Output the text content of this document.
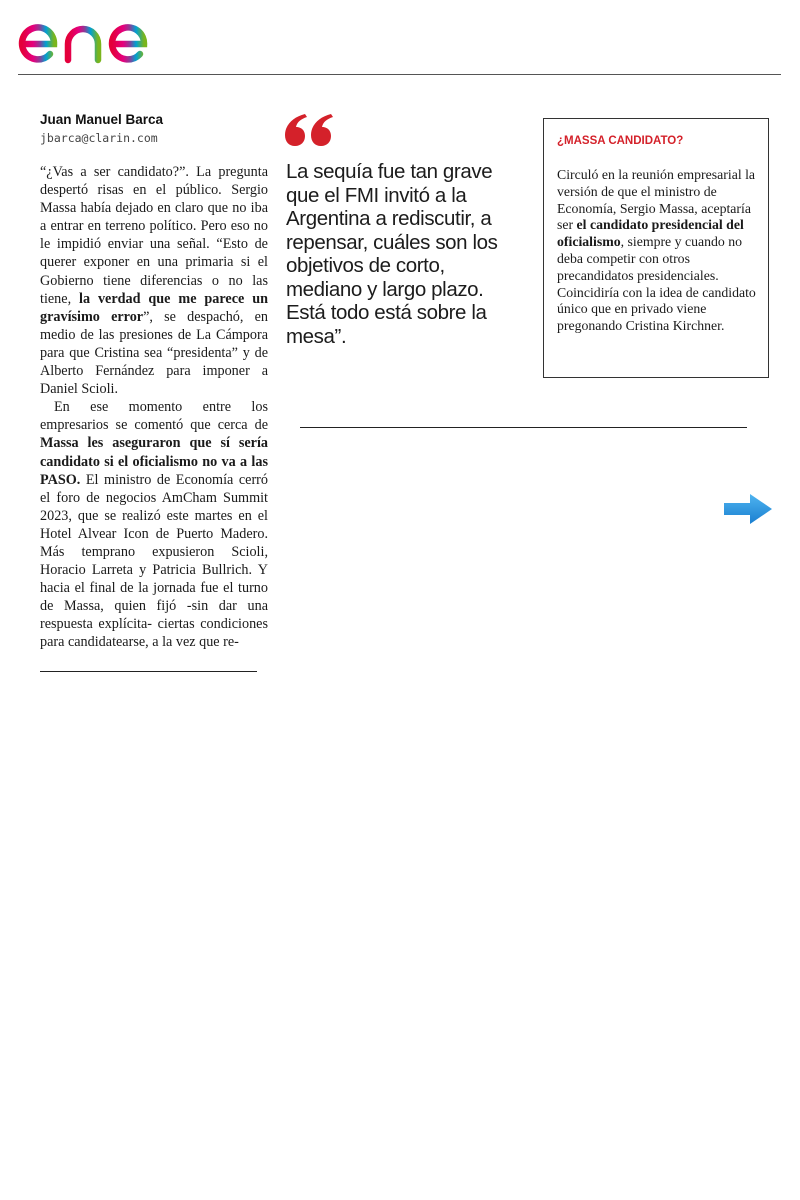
Juan Manuel Barca
jbarca@clarin.com

“¿Vas a ser candidato?”. La pregunta despertó risas en el público. Sergio Massa había dejado en claro que no iba a entrar en terreno político. Pero eso no le impidió enviar una señal. “Esto de querer exponer en una primaria si el Gobierno tiene diferencias o no las tiene, la verdad que me parece un gravísimo error”, se despachó, en medio de las presiones de La Cámpora para que Cristina sea “presidenta” y de Alberto Fernández para imponer a Daniel Scioli.

En ese momento entre los empresarios se comentó que cerca de Massa les aseguraron que sí sería candidato si el oficialismo no va a las PASO. El ministro de Economía cerró el foro de negocios AmCham Summit 2023, que se realizó este martes en el Hotel Alvear Icon de Puerto Madero. Más temprano expusieron Scioli, Horacio Larreta y Patricia Bullrich. Y hacia el final de la jornada fue el turno de Massa, quien fijó -sin dar una respuesta explícita- ciertas condiciones para candidatearse, a la vez que re-

La sequía fue tan grave que el FMI invitó a la Argentina a rediscutir, a repensar, cuáles son los objetivos de corto, mediano y largo plazo. Está todo está sobre la mesa”.
¿MASSA CANDIDATO?

Circuló en la reunión empresarial la versión de que el ministro de Economía, Sergio Massa, aceptaría ser el candidato presidencial del oficialismo, siempre y cuando no deba competir con otros precandidatos presidenciales. Coincidiría con la idea de candidato único que en privado viene pregonando Cristina Kirchner.
